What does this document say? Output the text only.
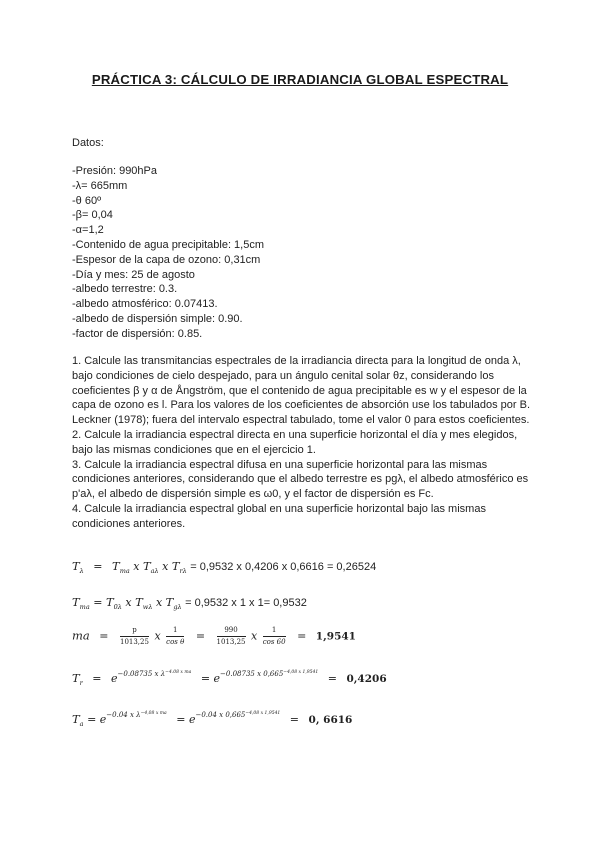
PRÁCTICA 3: CÁLCULO DE IRRADIANCIA GLOBAL ESPECTRAL
Datos:
-Presión: 990hPa
-λ= 665mm
-θ 60º
-β= 0,04
-α=1,2
-Contenido de agua precipitable: 1,5cm
-Espesor de la capa de ozono: 0,31cm
-Día y mes: 25 de agosto
-albedo terrestre: 0.3.
-albedo atmosférico: 0.07413.
-albedo de dispersión simple: 0.90.
-factor de dispersión: 0.85.

1. Calcule las transmitancias espectrales de la irradiancia directa para la longitud de onda λ, bajo condiciones de cielo despejado, para un ángulo cenital solar θz, considerando los coeficientes β y α de Ångström, que el contenido de agua precipitable es w y el espesor de la capa de ozono es l. Para los valores de los coeficientes de absorción use los tabulados por B. Leckner (1978); fuera del intervalo espectral tabulado, tome el valor 0 para estos coeficientes.

2. Calcule la irradiancia espectral directa en una superficie horizontal el día y mes elegidos, bajo las mismas condiciones que en el ejercicio 1.

3. Calcule la irradiancia espectral difusa en una superficie horizontal para las mismas condiciones anteriores, considerando que el albedo terrestre es pgλ, el albedo atmosférico es p'aλ, el albedo de dispersión simple es ω0, y el factor de dispersión es Fc.

4. Calcule la irradiancia espectral global en una superficie horizontal bajo las mismas condiciones anteriores.

$T_\lambda = T_{ma}$ x $T_{a\lambda}$ x $T_{r\lambda} = 0,9532$ x 0,4206 x 0,6616 = 0,26524
$T_{ma} = T_{0\lambda}$ x $T_{w\lambda}$ x $T_{g\lambda} = 0,9532$ x 1 x 1= 0,9532
ma = $\frac{p}{1013,25}$ x $\frac{1}{\text{cos θ}} = \frac{990}{1013,25}$ x $\frac{1}{\cos 60} = 1,9541$
$T_r = e^{-0.08735 x \lambda-4.08 x ma} = e^{-0.08735 x 0,665-4,08 x 1,9541} = 0,4206$
$T_a = e^{-0.04 x \lambda-4,08 x ma} = e^{-0.04 x 0,665-4,08 x 1,9541} = 0$, 6616
